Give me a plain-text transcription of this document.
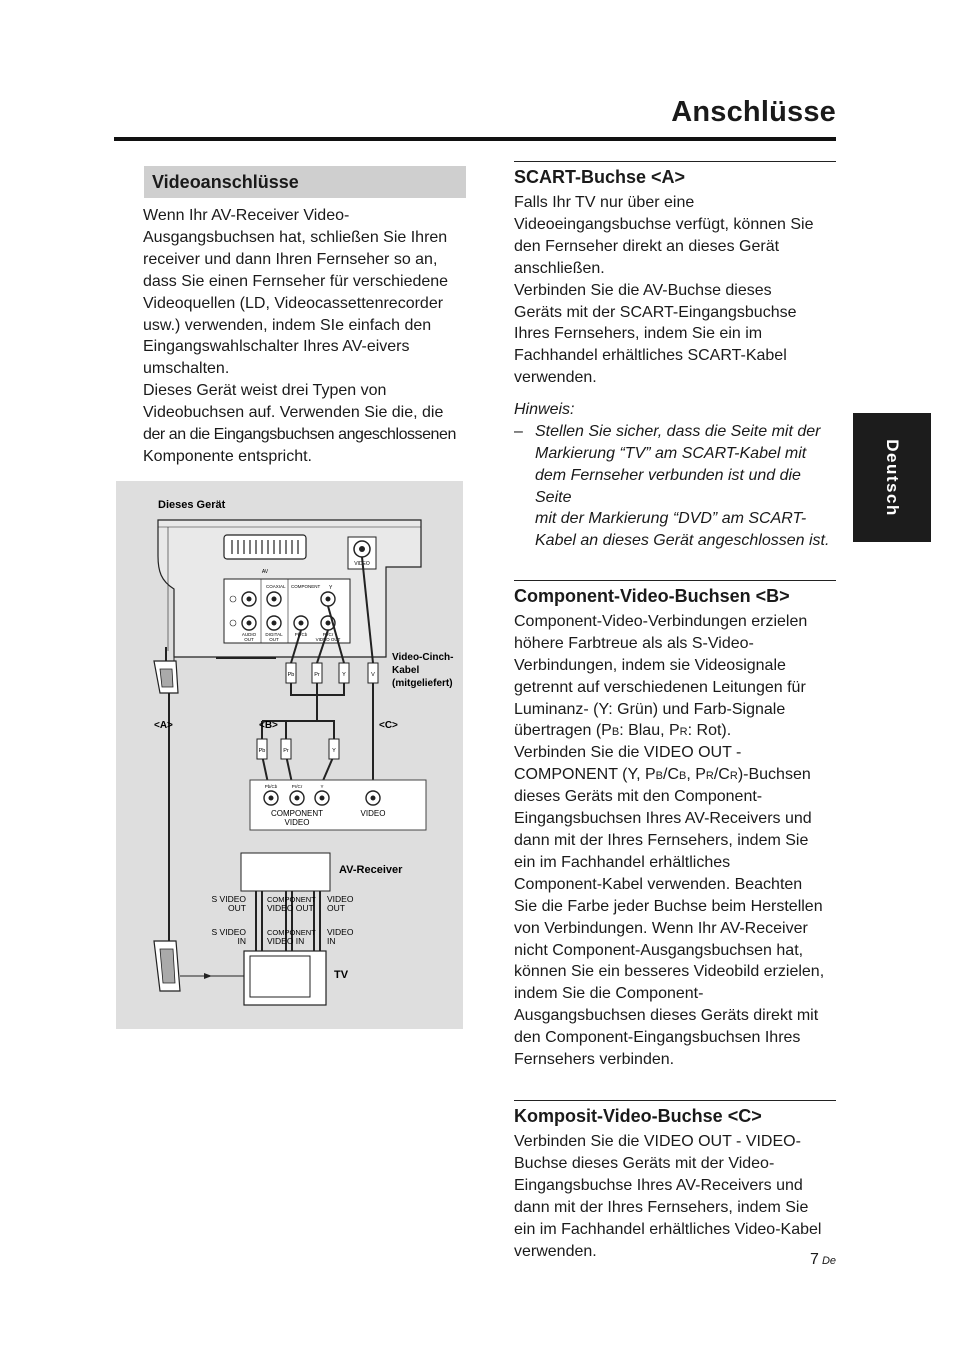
Anschlüsse
Deutsch
Videoanschlüsse
Wenn Ihr AV-Receiver Video-
Ausgangsbuchsen hat, schließen Sie Ihren
receiver und dann Ihren Fernseher so an,
dass Sie einen Fernseher für verschiedene
Videoquellen (LD, Videocassettenrecorder
usw.) verwenden, indem SIe einfach den
Eingangswahlschalter Ihres AV-eivers
umschalten.
Dieses Gerät weist drei Typen von
Videobuchsen auf. Verwenden Sie die, die
der an die Eingangsbuchsen angeschlossenen
Komponente entspricht.
Dieses Gerät
AV
VIDEO
COAXIAL COMPONENT Y
AUDIO
OUT
DIGITAL
OUT
Pb/Cb	Pr/Cr
VIDEO OUT
Pb	Pr	Y	V
Pb	Pr	Y
Video-Cinch-
Kabel
(mitgeliefert)
<A>	<B>	<C>
Pb/Cb	Pr/Cr	Y
COMPONENT
VIDEO
VIDEO
AV-Receiver
S VIDEO
OUT
COMPONENT
VIDEO OUT
VIDEO
OUT
S VIDEO
IN
COMPONENT
VIDEO IN
VIDEO
IN
TV
SCART-Buchse <A>
Falls Ihr TV nur über eine
Videoeingangsbuchse verfügt, können Sie
den Fernseher direkt an dieses Gerät
anschließen.
Verbinden Sie die AV-Buchse dieses
Geräts mit der SCART-Eingangsbuchse
Ihres Fernsehers, indem Sie ein im
Fachhandel erhältliches SCART-Kabel
verwenden.
Hinweis:
– Stellen Sie sicher, dass die Seite mit der
Markierung “TV” am SCART-Kabel mit
dem Fernseher verbunden ist und die Seite
mit der Markierung “DVD” am SCART-
Kabel an dieses Gerät angeschlossen ist.
Component-Video-Buchsen <B>
Component-Video-Verbindungen erzielen
höhere Farbtreue als als S-Video-
Verbindungen, indem sie Videosignale
getrennt auf verschiedenen Leitungen für
Luminanz- (Y: Grün) und Farb-Signale
übertragen (Pb: Blau, Pr: Rot).
Verbinden Sie die VIDEO OUT -
COMPONENT (Y, Pb/Cb, Pr/Cr)-Buchsen
dieses Geräts mit den Component-
Eingangsbuchsen Ihres AV-Receivers und
dann mit der Ihres Fernsehers, indem Sie
ein im Fachhandel erhältliches
Component-Kabel verwenden. Beachten
Sie die Farbe jeder Buchse beim Herstellen
von Verbindungen. Wenn Ihr AV-Receiver
nicht Component-Ausgangsbuchsen hat,
können Sie ein besseres Videobild erzielen,
indem Sie die Component-
Ausgangsbuchsen dieses Geräts direkt mit
den Component-Eingangsbuchsen Ihres
Fernsehers verbinden.
Komposit-Video-Buchse <C>
Verbinden Sie die VIDEO OUT - VIDEO-
Buchse dieses Geräts mit der Video-
Eingangsbuchse Ihres AV-Receivers und
dann mit der Ihres Fernsehers, indem Sie
ein im Fachhandel erhältliches Video-Kabel
verwenden.	7 De
